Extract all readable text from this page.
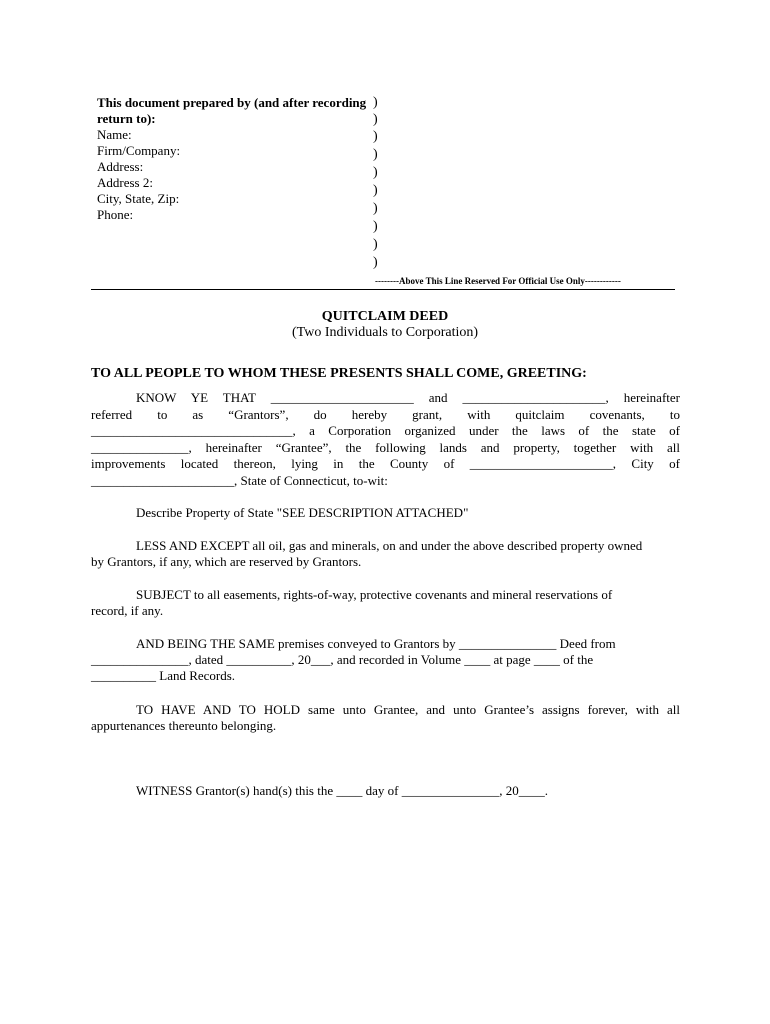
This document prepared by (and after recording
return to):
Name:
Firm/Company:
Address:
Address 2:
City, State, Zip:
Phone:
)
)
)
)
)
)
)
)
)
)
--------Above This Line Reserved For Official Use Only------------
QUITCLAIM DEED
(Two Individuals to Corporation)
TO ALL PEOPLE TO WHOM THESE PRESENTS SHALL COME, GREETING:
KNOW YE THAT ______________________ and ______________________, hereinafter
referred to as “Grantors”, do hereby grant, with quitclaim covenants, to
_______________________________, a Corporation organized under the laws of the state of
_______________, hereinafter “Grantee”, the following lands and property, together with all
improvements located thereon, lying in the County of ______________________, City of
______________________, State of Connecticut, to-wit:
Describe Property of State "SEE DESCRIPTION ATTACHED"
LESS AND EXCEPT all oil, gas and minerals, on and under the above described property owned
by Grantors, if any, which are reserved by Grantors.
SUBJECT to all easements, rights-of-way, protective covenants and mineral reservations of
record, if any.
AND BEING THE SAME premises conveyed to Grantors by _______________ Deed from
_______________, dated __________, 20___, and recorded in Volume ____ at page ____ of the
__________ Land Records.
TO HAVE AND TO HOLD same unto Grantee, and unto Grantee’s assigns forever, with all
appurtenances thereunto belonging.
WITNESS Grantor(s) hand(s) this the ____ day of _______________, 20____.
